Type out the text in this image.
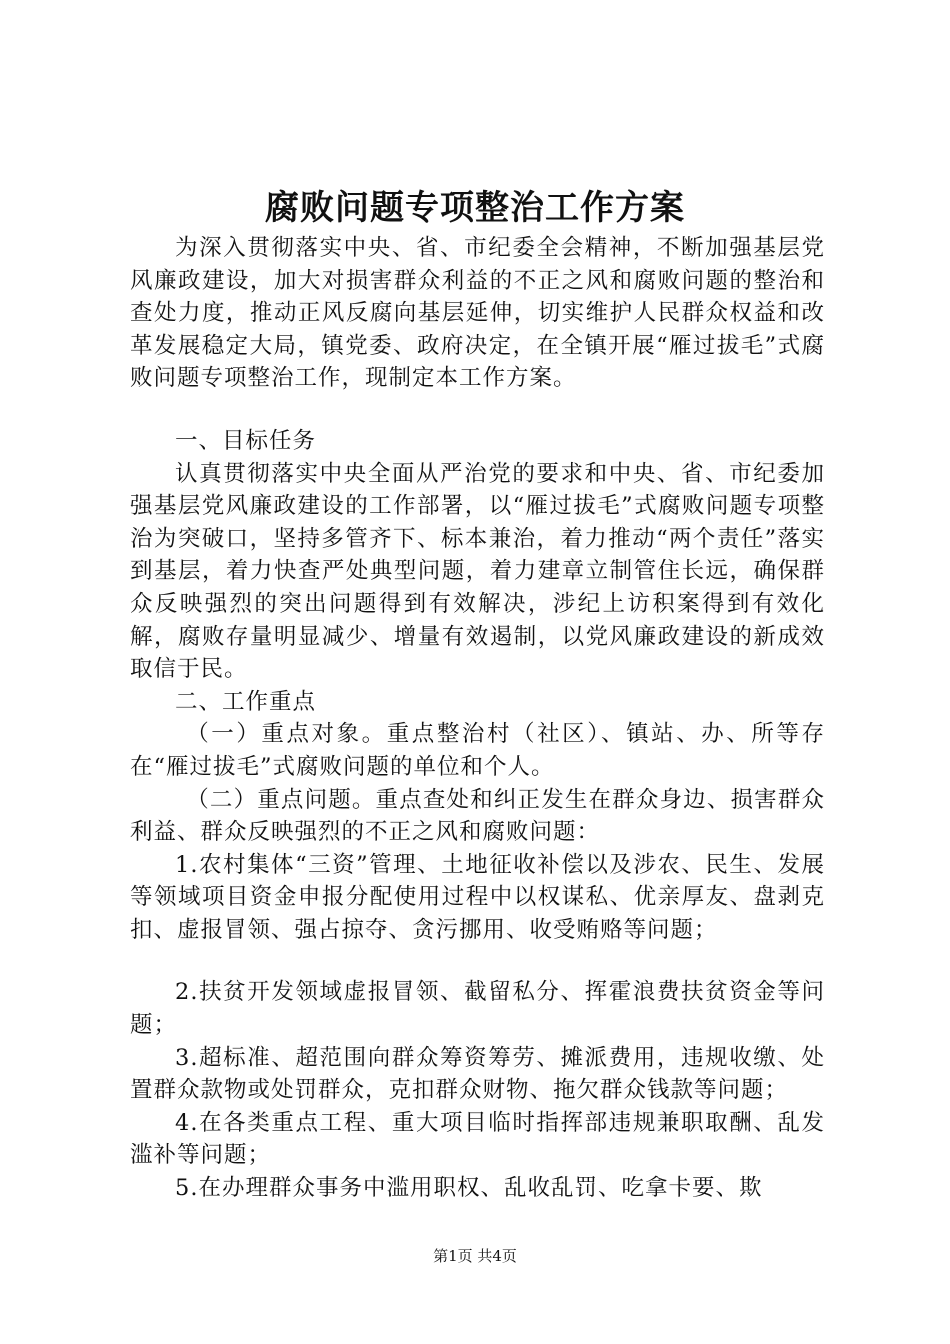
腐败问题专项整治工作方案

为深入贯彻落实中央、省、市纪委全会精神，不断加强基层党风廉政建设，加大对损害群众利益的不正之风和腐败问题的整治和查处力度，推动正风反腐向基层延伸，切实维护人民群众权益和改革发展稳定大局，镇党委、政府决定，在全镇开展“雁过拔毛”式腐败问题专项整治工作，现制定本工作方案。

一、目标任务

认真贯彻落实中央全面从严治党的要求和中央、省、市纪委加强基层党风廉政建设的工作部署，以“雁过拔毛”式腐败问题专项整治为突破口，坚持多管齐下、标本兼治，着力推动“两个责任”落实到基层，着力快查严处典型问题，着力建章立制管住长远，确保群众反映强烈的突出问题得到有效解决，涉纪上访积案得到有效化解，腐败存量明显减少、增量有效遏制，以党风廉政建设的新成效取信于民。

二、工作重点

（一）重点对象。重点整治村（社区）、镇站、办、所等存在“雁过拔毛”式腐败问题的单位和个人。

（二）重点问题。重点查处和纠正发生在群众身边、损害群众利益、群众反映强烈的不正之风和腐败问题：

1.农村集体“三资”管理、土地征收补偿以及涉农、民生、发展等领域项目资金申报分配使用过程中以权谋私、优亲厚友、盘剥克扣、虚报冒领、强占掠夺、贪污挪用、收受贿赂等问题；

2.扶贫开发领域虚报冒领、截留私分、挥霍浪费扶贫资金等问题；

3.超标准、超范围向群众筹资筹劳、摊派费用，违规收缴、处置群众款物或处罚群众，克扣群众财物、拖欠群众钱款等问题；

4.在各类重点工程、重大项目临时指挥部违规兼职取酬、乱发滥补等问题；

5.在办理群众事务中滥用职权、乱收乱罚、吃拿卡要、欺

第1页 共4页
